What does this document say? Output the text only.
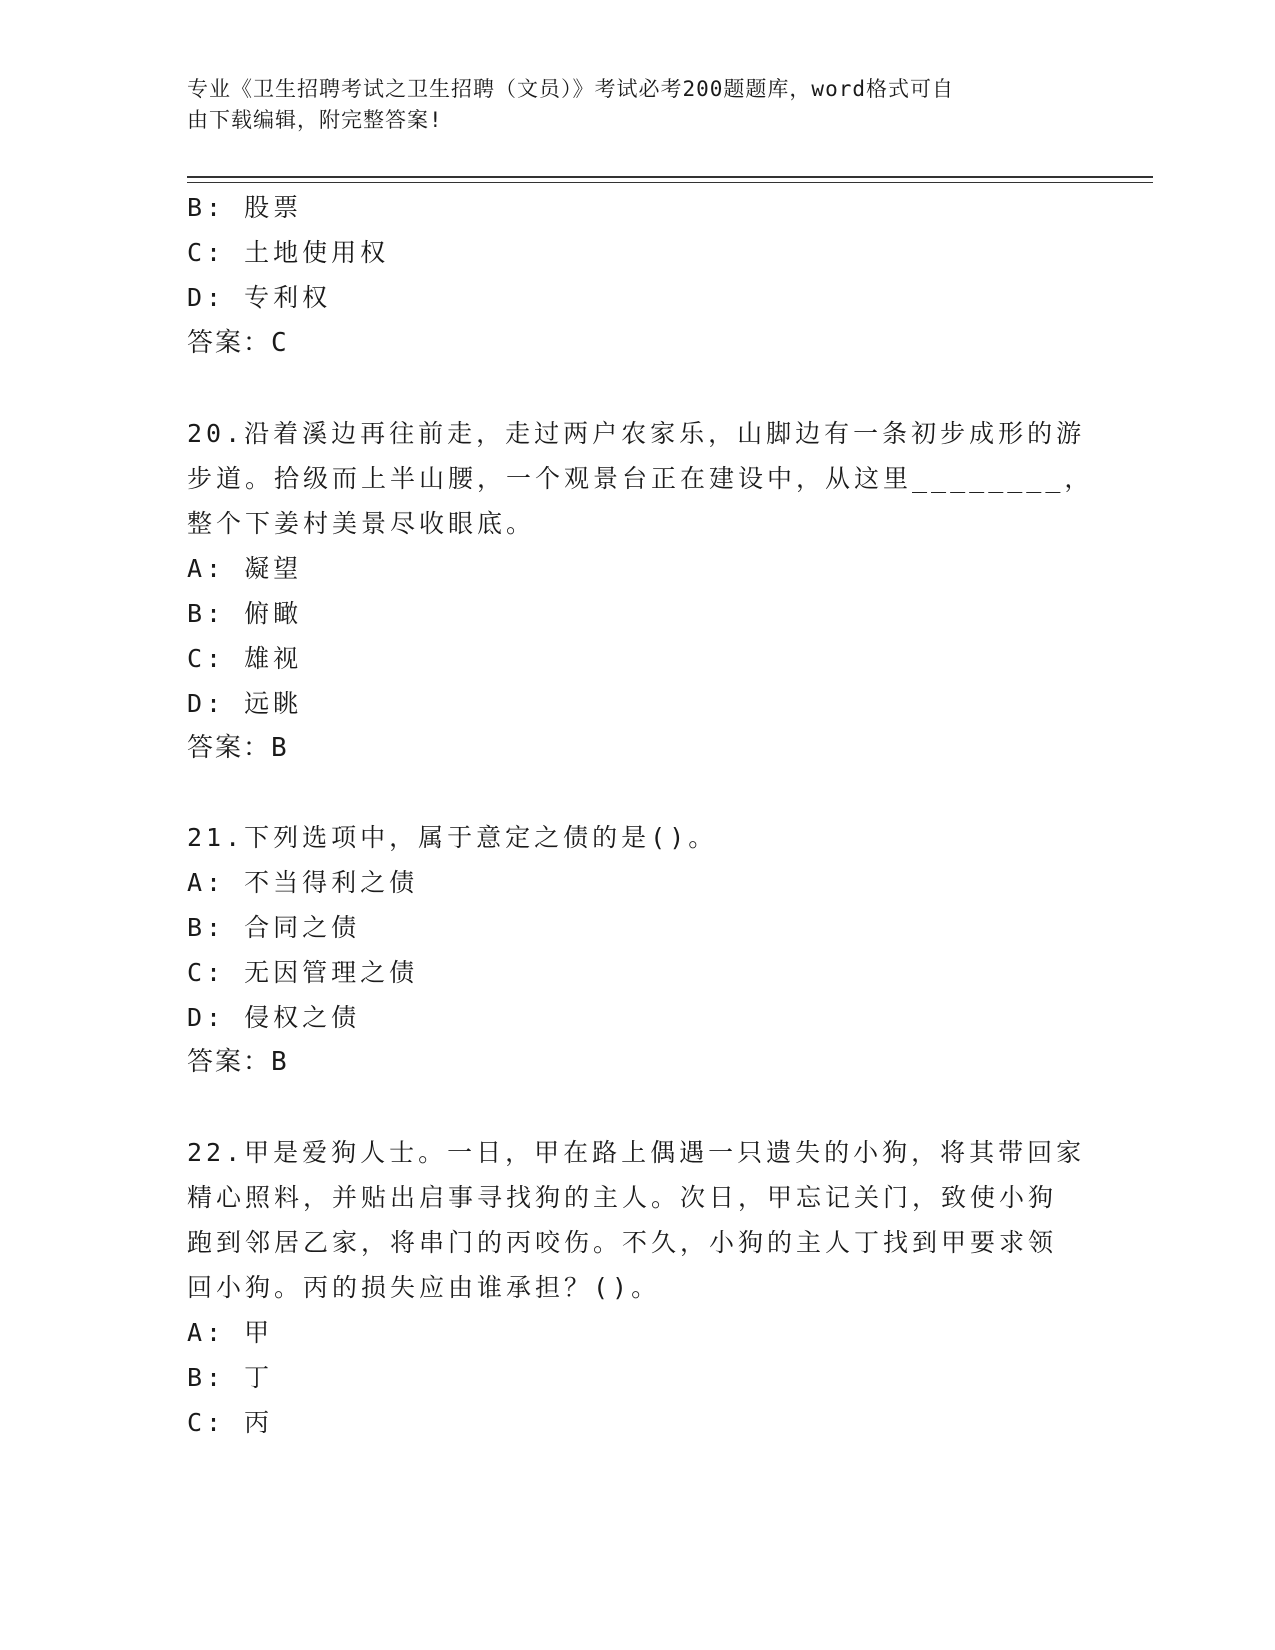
专业《卫生招聘考试之卫生招聘（文员）》考试必考200题题库，word格式可自
由下载编辑，附完整答案!
B: 股票
C: 土地使用权
D: 专利权
答案：C
20.沿着溪边再往前走，走过两户农家乐，山脚边有一条初步成形的游
步道。拾级而上半山腰，一个观景台正在建设中，从这里________，
整个下姜村美景尽收眼底。
A: 凝望
B: 俯瞰
C: 雄视
D: 远眺
答案：B
21.下列选项中，属于意定之债的是()。
A: 不当得利之债
B: 合同之债
C: 无因管理之债
D: 侵权之债
答案：B
22.甲是爱狗人士。一日，甲在路上偶遇一只遗失的小狗，将其带回家
精心照料，并贴出启事寻找狗的主人。次日，甲忘记关门，致使小狗
跑到邻居乙家，将串门的丙咬伤。不久，小狗的主人丁找到甲要求领
回小狗。丙的损失应由谁承担？()。
A: 甲
B: 丁
C: 丙
